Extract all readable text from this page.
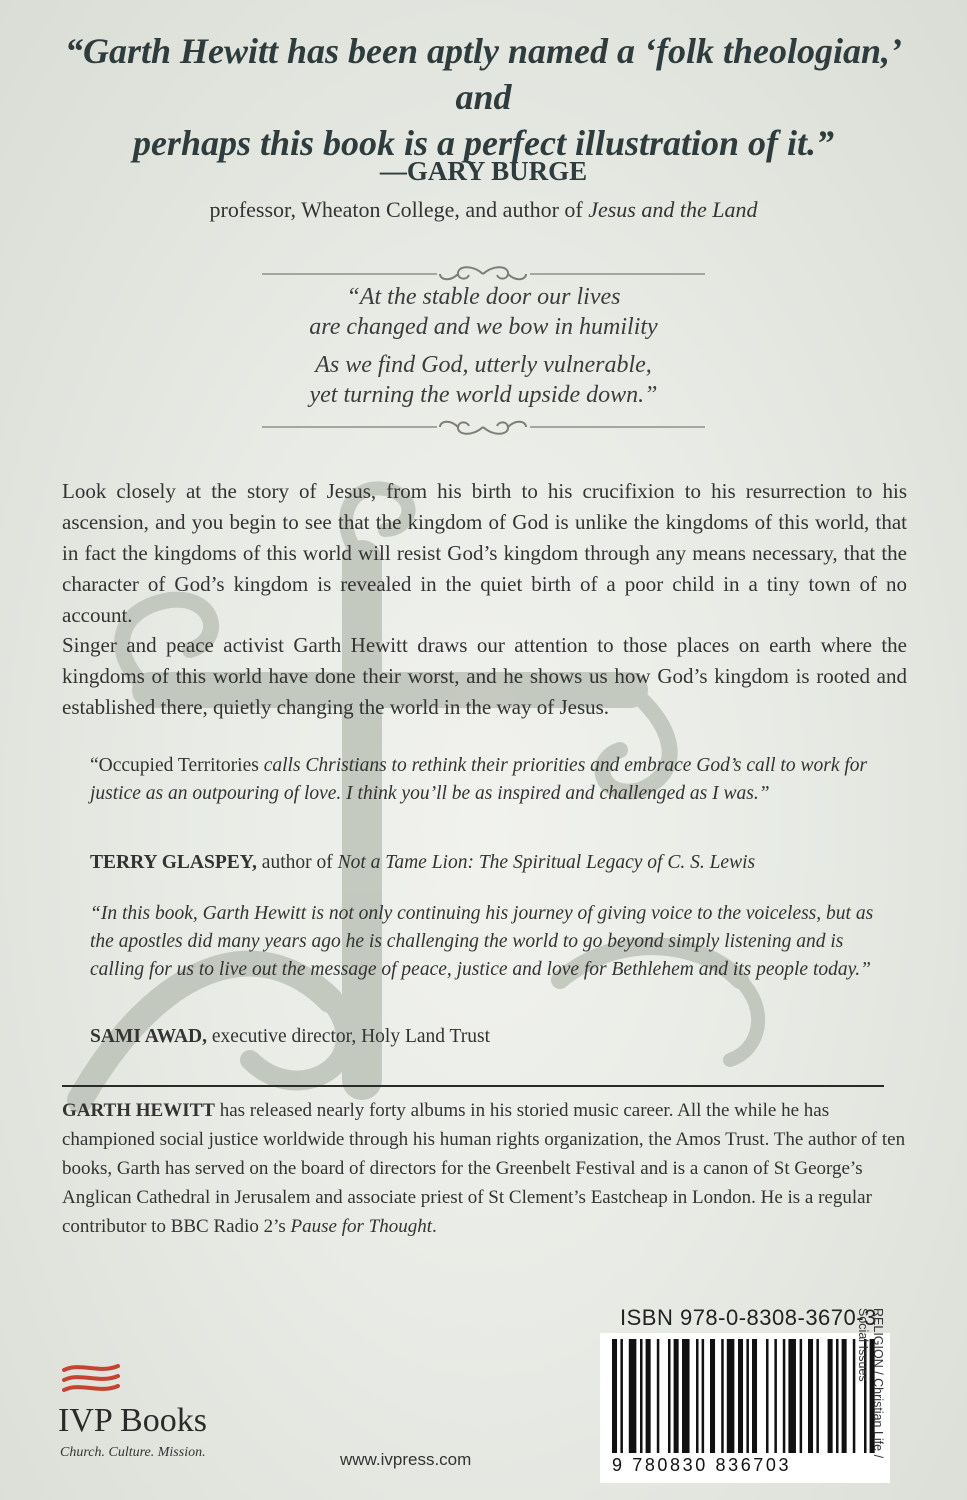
“Garth Hewitt has been aptly named a ‘folk theologian,’ and
perhaps this book is a perfect illustration of it.”
—GARY BURGE
professor, Wheaton College, and author of Jesus and the Land
“At the stable door our lives
are changed and we bow in humility
As we find God, utterly vulnerable,
yet turning the world upside down.”
Look closely at the story of Jesus, from his birth to his crucifixion to his resurrection to his ascension, and you begin to see that the kingdom of God is unlike the kingdoms of this world, that in fact the kingdoms of this world will resist God’s kingdom through any means necessary, that the character of God’s kingdom is revealed in the quiet birth of a poor child in a tiny town of no account.
Singer and peace activist Garth Hewitt draws our attention to those places on earth where the kingdoms of this world have done their worst, and he shows us how God’s kingdom is rooted and established there, quietly changing the world in the way of Jesus.
“Occupied Territories calls Christians to rethink their priorities and embrace God’s call to work for justice as an outpouring of love. I think you’ll be as inspired and challenged as I was.”
TERRY GLASPEY, author of Not a Tame Lion: The Spiritual Legacy of C. S. Lewis
“In this book, Garth Hewitt is not only continuing his journey of giving voice to the voiceless, but as the apostles did many years ago he is challenging the world to go beyond simply listening and is calling for us to live out the message of peace, justice and love for Bethlehem and its people today.”
SAMI AWAD, executive director, Holy Land Trust
GARTH HEWITT has released nearly forty albums in his storied music career. All the while he has championed social justice worldwide through his human rights organization, the Amos Trust. The author of ten books, Garth has served on the board of directors for the Greenbelt Festival and is a canon of St George’s Anglican Cathedral in Jerusalem and associate priest of St Clement’s Eastcheap in London. He is a regular contributor to BBC Radio 2’s Pause for Thought.
ISBN 978-0-8308-3670-3
9 780830 836703
RELIGION / Christian Life /
Social Issues
IVP Books
Church. Culture. Mission.	www.ivpress.com
